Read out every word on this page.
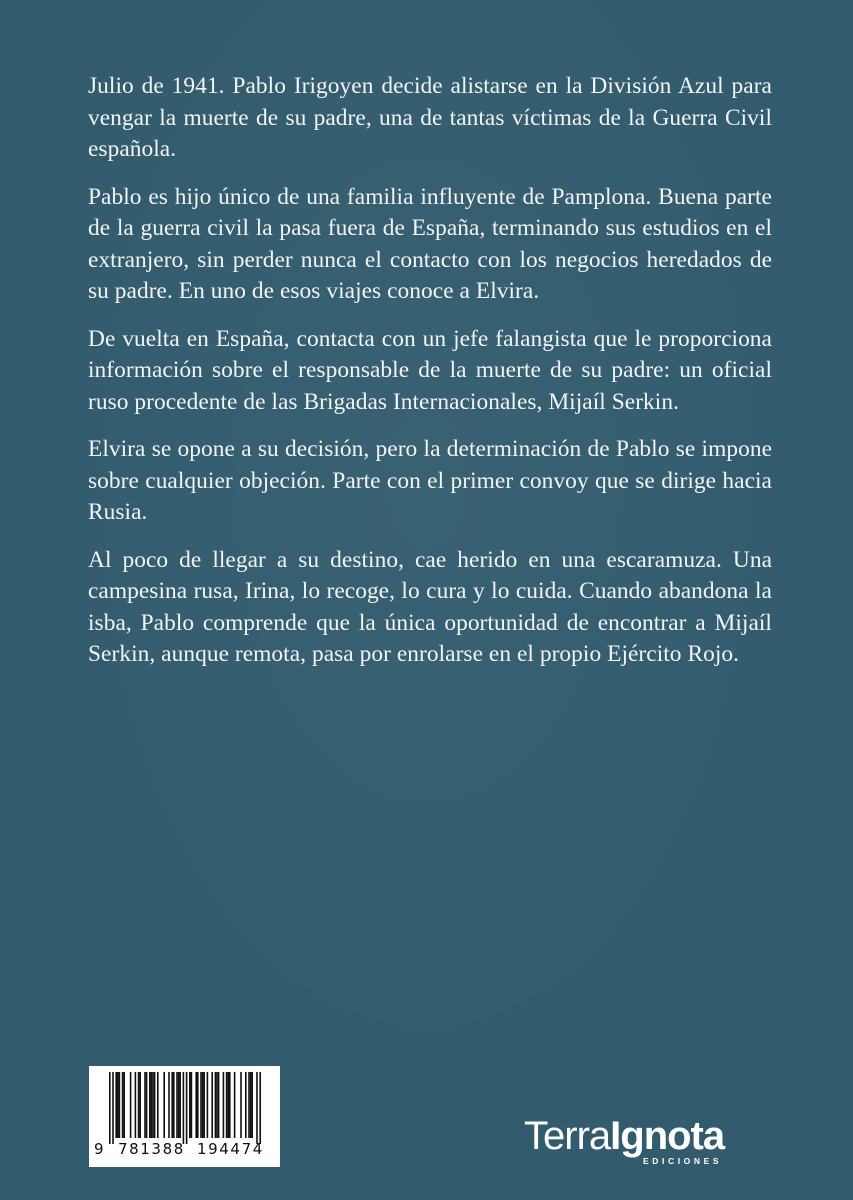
Julio de 1941. Pablo Irigoyen decide alistarse en la División Azul para vengar la muerte de su padre, una de tantas víctimas de la Guerra Civil española.

Pablo es hijo único de una familia influyente de Pamplona. Buena parte de la guerra civil la pasa fuera de España, terminando sus estudios en el extranjero, sin perder nunca el contacto con los negocios heredados de su padre. En uno de esos viajes conoce a Elvira.

De vuelta en España, contacta con un jefe falangista que le proporciona información sobre el responsable de la muerte de su padre: un oficial ruso procedente de las Brigadas Internacionales, Mijaíl Serkin.

Elvira se opone a su decisión, pero la determinación de Pablo se impone sobre cualquier objeción. Parte con el primer convoy que se dirige hacia Rusia.

Al poco de llegar a su destino, cae herido en una escaramuza. Una campesina rusa, Irina, lo recoge, lo cura y lo cuida. Cuando abandona la isba, Pablo comprende que la única oportunidad de encontrar a Mijaíl Serkin, aunque remota, pasa por enrolarse en el propio Ejército Rojo.

9 781388 194474	TerraIgnota
EDICIONES
